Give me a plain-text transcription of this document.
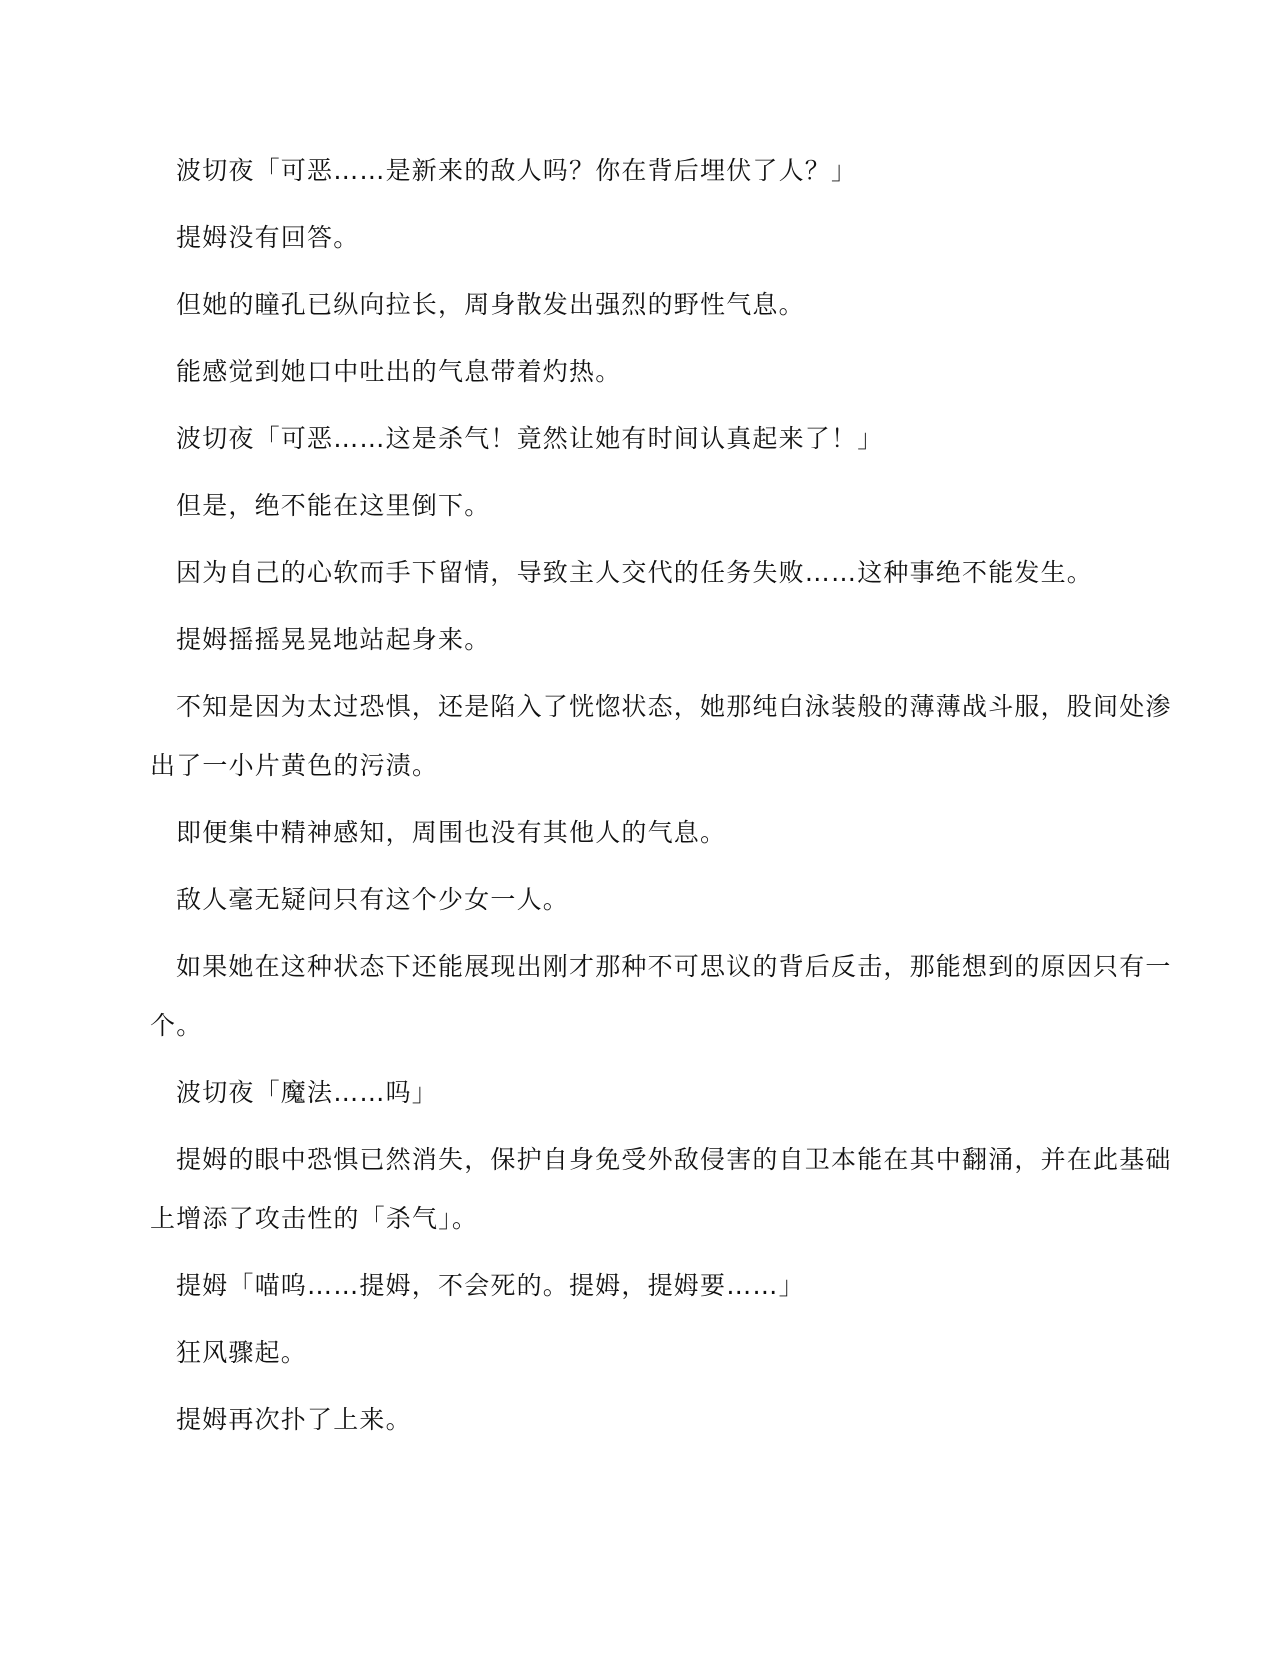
波切夜「可恶……是新来的敌人吗？你在背后埋伏了人？」
提姆没有回答。
但她的瞳孔已纵向拉长，周身散发出强烈的野性气息。
能感觉到她口中吐出的气息带着灼热。
波切夜「可恶……这是杀气！竟然让她有时间认真起来了！」
但是，绝不能在这里倒下。
因为自己的心软而手下留情，导致主人交代的任务失败……这种事绝不能发生。
提姆摇摇晃晃地站起身来。
不知是因为太过恐惧，还是陷入了恍惚状态，她那纯白泳装般的薄薄战斗服，股间处渗
出了一小片黄色的污渍。
即便集中精神感知，周围也没有其他人的气息。
敌人毫无疑问只有这个少女一人。
如果她在这种状态下还能展现出刚才那种不可思议的背后反击，那能想到的原因只有一
个。
波切夜「魔法……吗」
提姆的眼中恐惧已然消失，保护自身免受外敌侵害的自卫本能在其中翻涌，并在此基础
上增添了攻击性的「杀气」。
提姆「喵呜……提姆，不会死的。提姆，提姆要……」
狂风骤起。
提姆再次扑了上来。
